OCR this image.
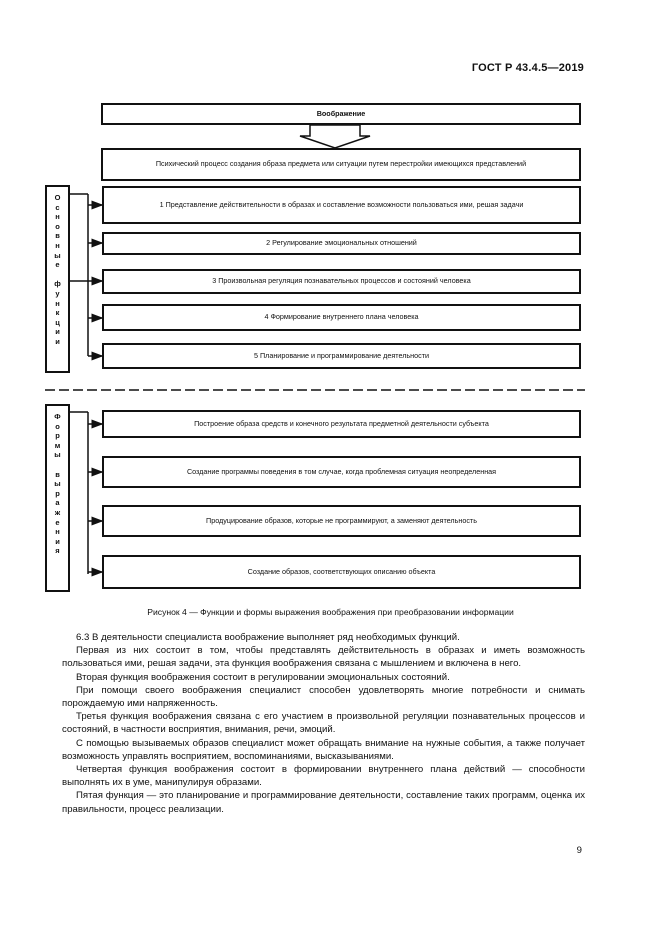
ГОСТ Р 43.4.5—2019
Воображение
Психический процесс создания образа предмета или ситуации путем перестройки имеющихся представлений
О
с
н
о
в
н
ы
е
ф
у
н
к
ц
и
и
1 Представление действительности в образах и составление возможности пользоваться ими, решая задачи
2 Регулирование эмоциональных отношений
3 Произвольная регуляция познавательных процессов и состояний человека
4 Формирование внутреннего плана человека
5 Планирование и программирование деятельности
Ф
о
р
м
ы
в
ы
р
а
ж
е
н
и
я
Построение образа средств и конечного результата предметной деятельности субъекта
Создание программы поведения в том случае, когда проблемная ситуация неопределенная
Продуцирование образов, которые не программируют, а заменяют деятельность
Создание образов, соответствующих описанию объекта
Рисунок 4 — Функции и формы выражения воображения при преобразовании информации

6.3 В деятельности специалиста воображение выполняет ряд необходимых функций.

Первая из них состоит в том, чтобы представлять действительность в образах и иметь возможность пользоваться ими, решая задачи, эта функция воображения связана с мышлением и включена в него.

Вторая функция воображения состоит в регулировании эмоциональных состояний.

При помощи своего воображения специалист способен удовлетворять многие потребности и снимать порождаемую ими напряженность.

Третья функция воображения связана с его участием в произвольной регуляции познавательных процессов и состояний, в частности восприятия, внимания, речи, эмоций.

С помощью вызываемых образов специалист может обращать внимание на нужные события, а также получает возможность управлять восприятием, воспоминаниями, высказываниями.

Четвертая функция воображения состоит в формировании внутреннего плана действий — способности выполнять их в уме, манипулируя образами.

Пятая функция — это планирование и программирование деятельности, составление таких программ, оценка их правильности, процесс реализации.

9
